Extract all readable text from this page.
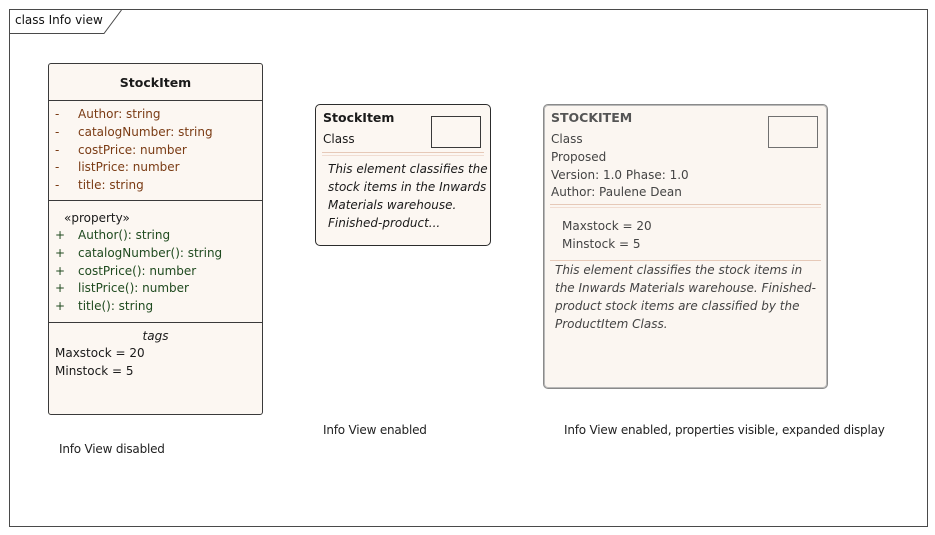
class Info view
StockItem
- Author: string
- catalogNumber: string
- costPrice: number
- listPrice: number
- title: string
«property»
+ Author(): string
+ catalogNumber(): string
+ costPrice(): number
+ listPrice(): number
+ title(): string
tags
Maxstock = 20
Minstock = 5
StockItem
Class
This element classifies the stock items in the Inwards Materials warehouse. Finished-product...
STOCKITEM
Class
Proposed
Version: 1.0 Phase: 1.0
Author: Paulene Dean
Maxstock = 20
Minstock = 5
This element classifies the stock items in the Inwards Materials warehouse. Finished-product stock items are classified by the ProductItem Class.
Info View disabled
Info View enabled	Info View enabled, properties visible, expanded display
